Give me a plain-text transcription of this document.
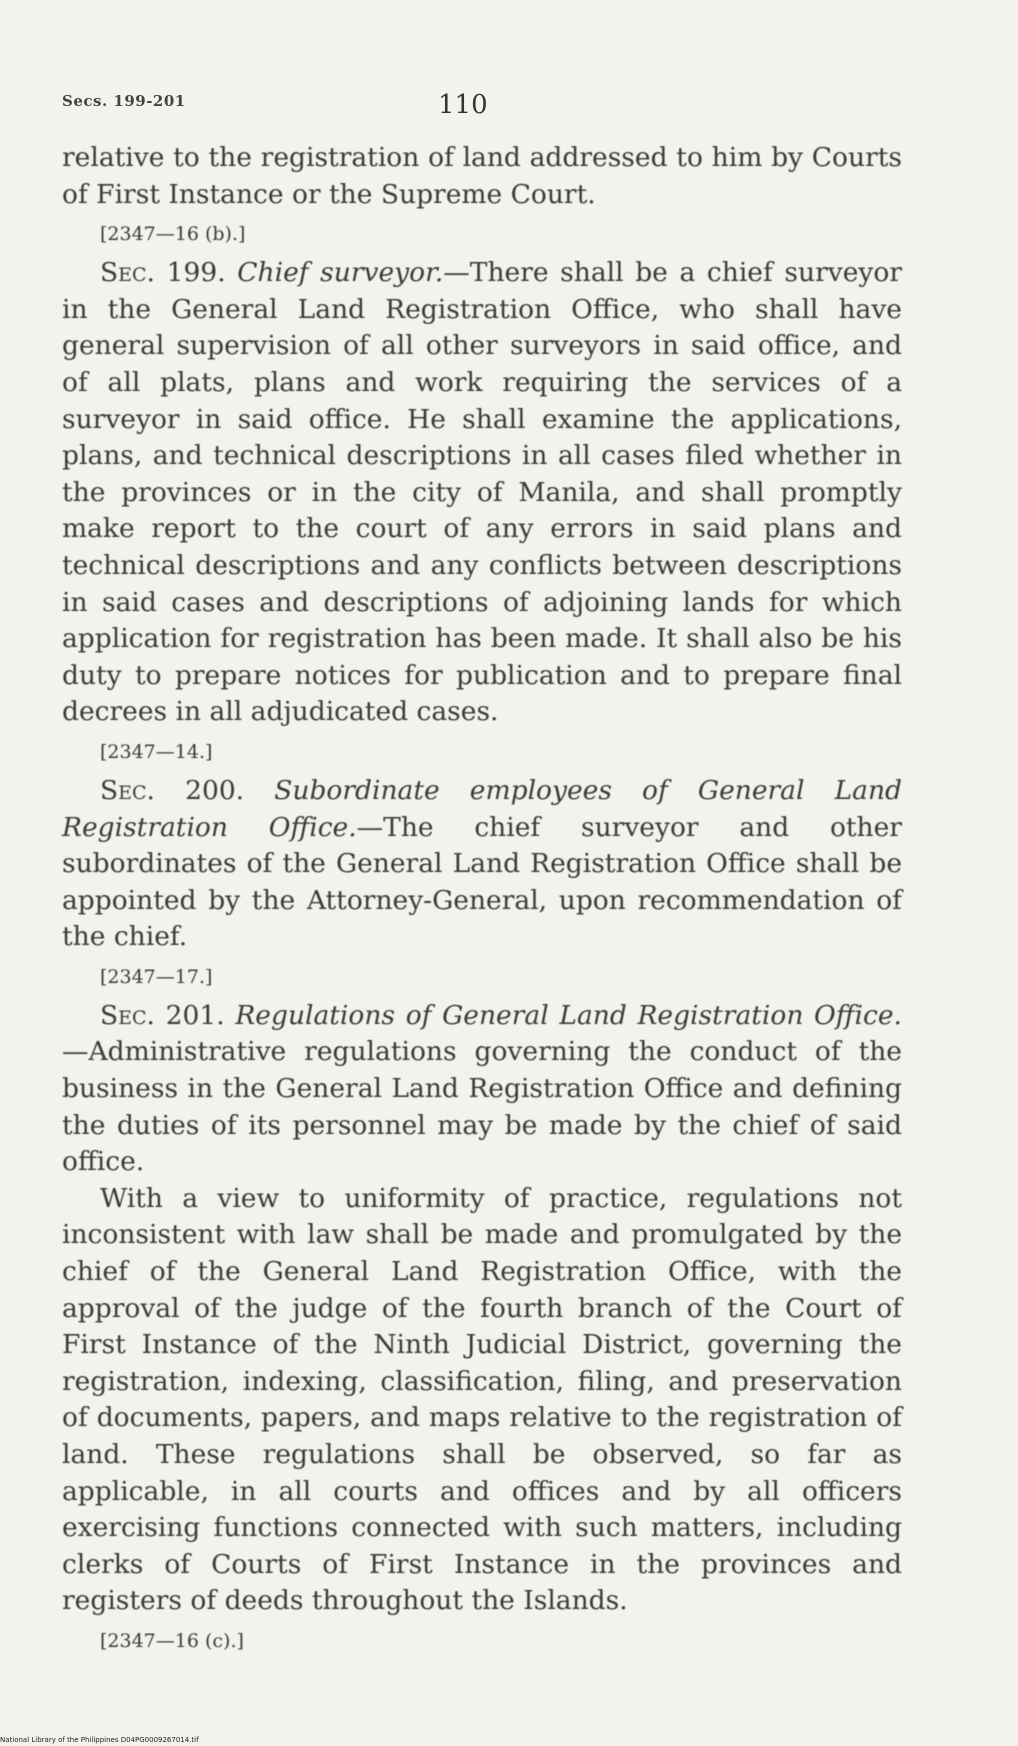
Secs. 199-201	110

relative to the registration of land addressed to him by Courts of First Instance or the Supreme Court.

[2347—16 (b).]

Sec. 199. Chief surveyor.—There shall be a chief surveyor in the General Land Registration Office, who shall have general supervision of all other surveyors in said office, and of all plats, plans and work requiring the services of a surveyor in said office. He shall examine the applications, plans, and technical descriptions in all cases filed whether in the provinces or in the city of Manila, and shall promptly make report to the court of any errors in said plans and technical descriptions and any conflicts between descriptions in said cases and descriptions of adjoining lands for which application for registration has been made. It shall also be his duty to prepare notices for publication and to prepare final decrees in all adjudicated cases.

[2347—14.]

Sec. 200. Subordinate employees of General Land Registration Office.—The chief surveyor and other subordinates of the General Land Registration Office shall be appointed by the Attorney-General, upon recommendation of the chief.

[2347—17.]

Sec. 201. Regulations of General Land Registration Office.—Administrative regulations governing the conduct of the business in the General Land Registration Office and defining the duties of its personnel may be made by the chief of said office.

With a view to uniformity of practice, regulations not inconsistent with law shall be made and promulgated by the chief of the General Land Registration Office, with the approval of the judge of the fourth branch of the Court of First Instance of the Ninth Judicial District, governing the registration, indexing, classification, filing, and preservation of documents, papers, and maps relative to the registration of land. These regulations shall be observed, so far as applicable, in all courts and offices and by all officers exercising functions connected with such matters, including clerks of Courts of First Instance in the provinces and registers of deeds throughout the Islands.

[2347—16 (c).]

National Library of the Philippines D04PG0009267014.tif
